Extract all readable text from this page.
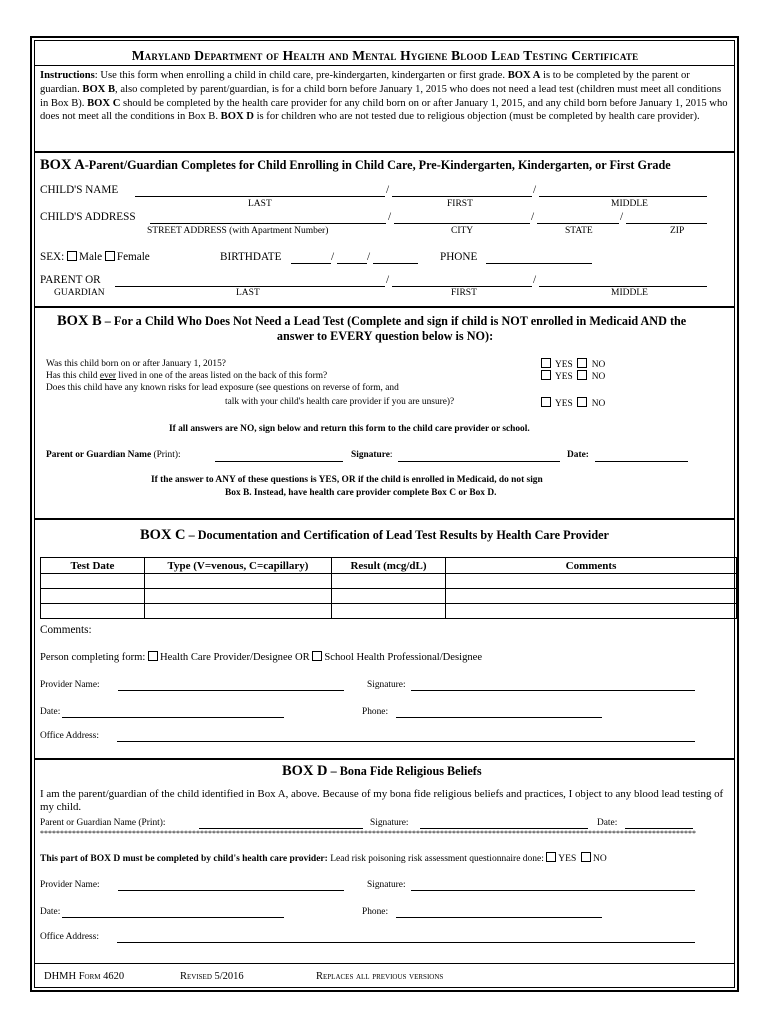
Maryland Department of Health and Mental Hygiene Blood Lead Testing Certificate
Instructions: Use this form when enrolling a child in child care, pre-kindergarten, kindergarten or first grade. BOX A is to be completed by the parent or guardian. BOX B, also completed by parent/guardian, is for a child born before January 1, 2015 who does not need a lead test (children must meet all conditions in Box B). BOX C should be completed by the health care provider for any child born on or after January 1, 2015, and any child born before January 1, 2015 who does not meet all the conditions in Box B. BOX D is for children who are not tested due to religious objection (must be completed by health care provider).
BOX A-Parent/Guardian Completes for Child Enrolling in Child Care, Pre-Kindergarten, Kindergarten, or First Grade
CHILD'S NAME	/	/
LAST	FIRST	MIDDLE
CHILD'S ADDRESS	/	/	/
STREET ADDRESS (with Apartment Number)	CITY	STATE	ZIP
SEX: Male Female	BIRTHDATE	/	/	PHONE
PARENT OR	/	/
GUARDIAN	LAST	FIRST	MIDDLE
BOX B – For a Child Who Does Not Need a Lead Test (Complete and sign if child is NOT enrolled in Medicaid AND the
answer to EVERY question below is NO):
Was this child born on or after January 1, 2015?
Has this child ever lived in one of the areas listed on the back of this form?
Does this child have any known risks for lead exposure (see questions on reverse of form, and
talk with your child's health care provider if you are unsure)?
YES NO
YES NO
YES NO
If all answers are NO, sign below and return this form to the child care provider or school.
Parent or Guardian Name (Print):	Signature:	Date:
If the answer to ANY of these questions is YES, OR if the child is enrolled in Medicaid, do not sign
Box B. Instead, have health care provider complete Box C or Box D.
BOX C – Documentation and Certification of Lead Test Results by Health Care Provider
Test Date	Type (V=venous, C=capillary)	Result (mcg/dL)	Comments

Comments:
Person completing form: Health Care Provider/Designee OR School Health Professional/Designee
Provider Name:	Signature:
Date:	Phone:
Office Address:
BOX D – Bona Fide Religious Beliefs
I am the parent/guardian of the child identified in Box A, above. Because of my bona fide religious beliefs and practices, I object to any blood lead testing of my child.
Parent or Guardian Name (Print):	Signature:	Date:
********************************************************************************************************************************************************************
This part of BOX D must be completed by child's health care provider: Lead risk poisoning risk assessment questionnaire done: YES NO
Provider Name:	Signature:
Date:	Phone:
Office Address:
DHMH Form 4620	Revised 5/2016	Replaces all previous versions
